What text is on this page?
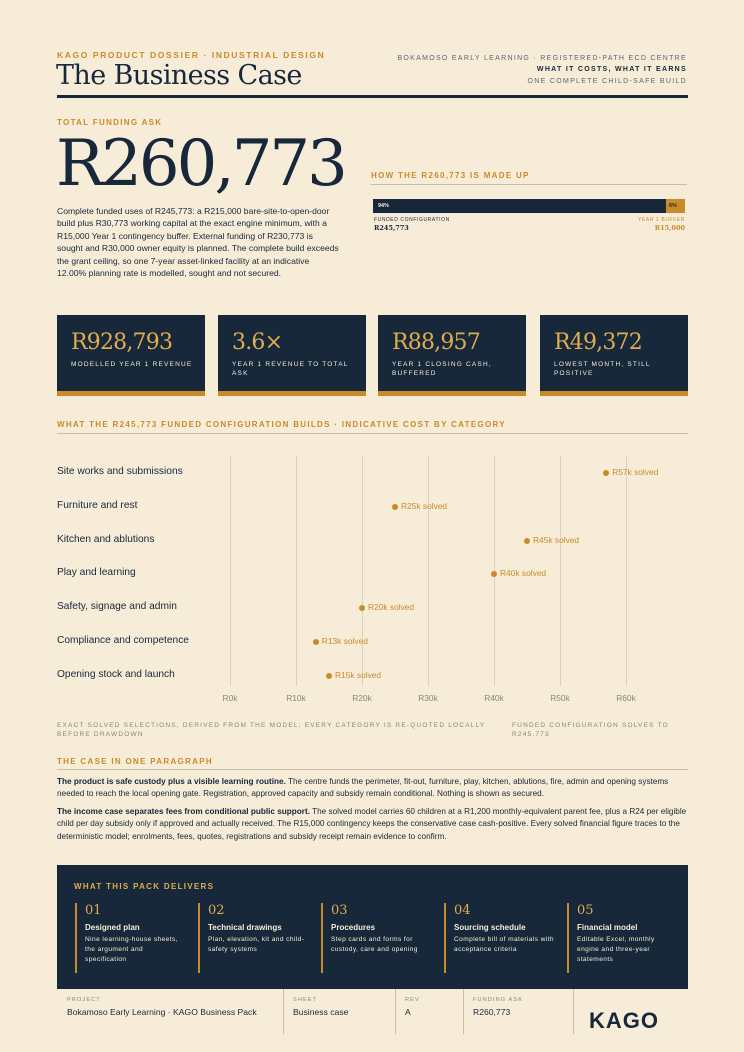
KAGO PRODUCT DOSSIER · INDUSTRIAL DESIGN
The Business Case
BOKAMOSO EARLY LEARNING · REGISTERED-PATH ECD CENTRE
WHAT IT COSTS, WHAT IT EARNS
ONE COMPLETE CHILD-SAFE BUILD
TOTAL FUNDING ASK
R260,773
Complete funded uses of R245,773: a R215,000 bare-site-to-open-door build plus R30,773 working capital at the exact engine minimum, with a R15,000 Year 1 contingency buffer. External funding of R230,773 is sought and R30,000 owner equity is planned. The complete build exceeds the grant ceiling, so one 7-year asset-linked facility at an indicative 12.00% planning rate is modelled, sought and not secured.
HOW THE R260,773 IS MADE UP
94%	6%
FUNDED CONFIGURATION
R245,773
YEAR 1 BUFFER
R15,000
R928,793
MODELLED YEAR 1 REVENUE
3.6×
YEAR 1 REVENUE TO TOTAL ASK
R88,957
YEAR 1 CLOSING CASH, BUFFERED
R49,372
LOWEST MONTH, STILL POSITIVE
WHAT THE R245,773 FUNDED CONFIGURATION BUILDS · INDICATIVE COST BY CATEGORY
R0k	R10k	R20k	R30k	R40k	R50k	R60k
Site works and submissions	R57k solved
Furniture and rest	R25k solved
Kitchen and ablutions	R45k solved
Play and learning	R40k solved
Safety, signage and admin	R20k solved
Compliance and competence	R13k solved
Opening stock and launch	R15k solved
EXACT SOLVED SELECTIONS, DERIVED FROM THE MODEL; EVERY CATEGORY IS RE-QUOTED LOCALLY BEFORE DRAWDOWN
FUNDED CONFIGURATION SOLVES TO R245,773
THE CASE IN ONE PARAGRAPH
The product is safe custody plus a visible learning routine. The centre funds the perimeter, fit-out, furniture, play, kitchen, ablutions, fire, admin and opening systems needed to reach the local opening gate. Registration, approved capacity and subsidy remain conditional. Nothing is shown as secured.
The income case separates fees from conditional public support. The solved model carries 60 children at a R1,200 monthly-equivalent parent fee, plus a R24 per eligible child per day subsidy only if approved and actually received. The R15,000 contingency keeps the conservative case cash-positive. Every solved financial figure traces to the deterministic model; enrolments, fees, quotes, registrations and subsidy receipt remain evidence to confirm.
WHAT THIS PACK DELIVERS
01
Designed plan
Nine learning-house sheets, the argument and specification
02
Technical drawings
Plan, elevation, kit and child-safety systems
03
Procedures
Step cards and forms for custody, care and opening
04
Sourcing schedule
Complete bill of materials with acceptance criteria
05
Financial model
Editable Excel, monthly engine and three-year statements
PROJECT
Bokamoso Early Learning · KAGO Business Pack
SHEET
Business case
REV
A
FUNDING ASK
R260,773	KAGO
